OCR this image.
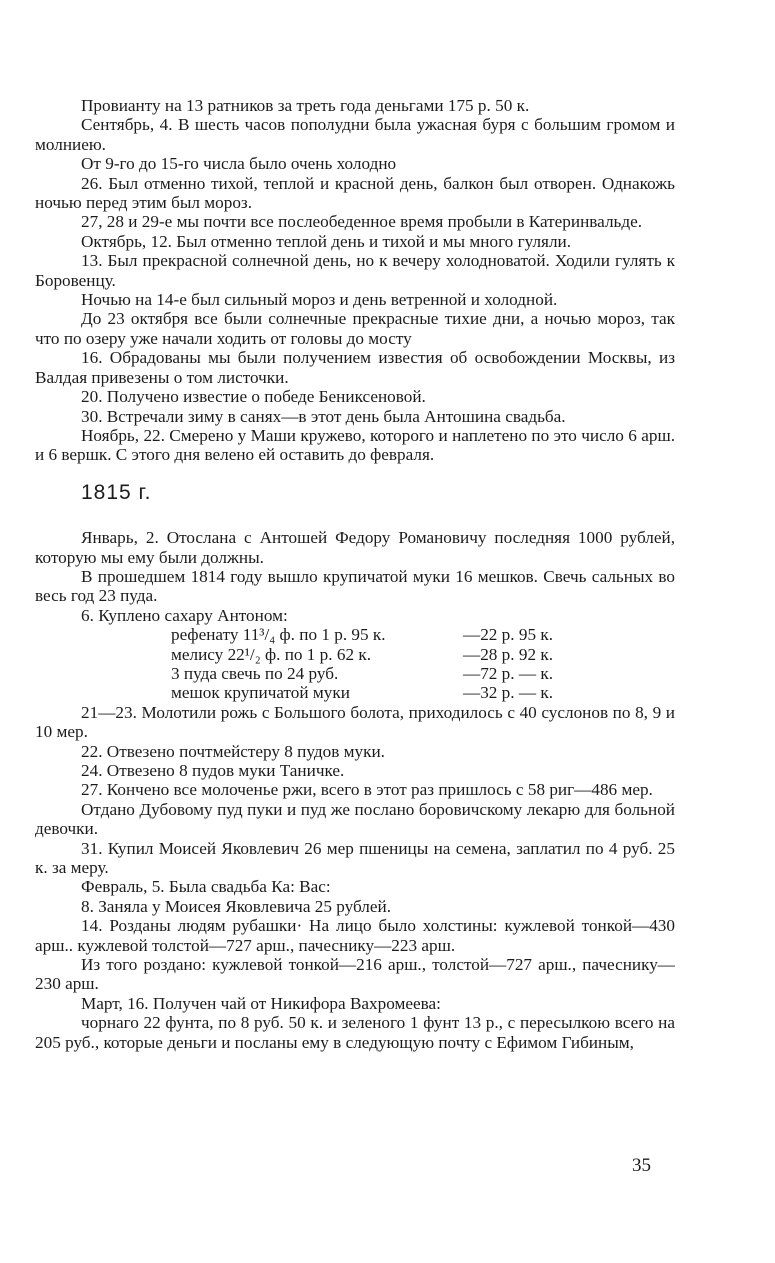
Провианту на 13 ратников за треть года деньгами 175 р. 50 к.

Сентябрь, 4. В шесть часов пополудни была ужасная буря с большим громом и молниею.

От 9-го до 15-го числа было очень холодно

26. Был отменно тихой, теплой и красной день, балкон был отворен. Однакожь ночью перед этим был мороз.

27, 28 и 29-е мы почти все послеобеденное время пробыли в Катеринвальде.

Октябрь, 12. Был отменно теплой день и тихой и мы много гуляли.

13. Был прекрасной солнечной день, но к вечеру холодноватой. Ходили гулять к Боровенцу.

Ночью на 14-е был сильный мороз и день ветренной и холодной.

До 23 октября все были солнечные прекрасные тихие дни, а ночью мороз, так что по озеру уже начали ходить от головы до мосту

16. Обрадованы мы были получением известия об освобождении Москвы, из Валдая привезены о том листочки.

20. Получено известие о победе Бениксеновой.

30. Встречали зиму в санях—в этот день была Антошина свадьба.

Ноябрь, 22. Смерено у Маши кружево, которого и наплетено по это число 6 арш. и 6 вершк. С этого дня велено ей оставить до февраля.

1815 г.

Январь, 2. Отослана с Антошей Федору Романовичу последняя 1000 рублей, которую мы ему были должны.

В прошедшем 1814 году вышло крупичатой муки 16 мешков. Свечь сальных во весь год 23 пуда.

6. Куплено сахару Антоном:

рефенату 11³/₄ ф. по 1 р. 95 к.	—22 р. 95 к.
мелису 22¹/₂ ф. по 1 р. 62 к.	—28 р. 92 к.
3 пуда свечь по 24 руб.	—72 р. — к.
мешок крупичатой муки	—32 р. — к.

21—23. Молотили рожь с Большого болота, приходилось с 40 суслонов по 8, 9 и 10 мер.

22. Отвезено почтмейстеру 8 пудов муки.

24. Отвезено 8 пудов муки Таничке.

27. Кончено все молоченье ржи, всего в этот раз пришлось с 58 риг—486 мер.

Отдано Дубовому пуд пуки и пуд же послано боровичскому лекарю для больной девочки.

31. Купил Моисей Яковлевич 26 мер пшеницы на семена, заплатил по 4 руб. 25 к. за меру.

Февраль, 5. Была свадьба Ка: Вас:

8. Заняла у Моисея Яковлевича 25 рублей.

14. Розданы людям рубашки· На лицо было холстины: кужлевой тонкой—430 арш.. кужлевой толстой—727 арш., пачеснику—223 арш.

Из того роздано: кужлевой тонкой—216 арш., толстой—727 арш., пачеснику—230 арш.

Март, 16. Получен чай от Никифора Вахромеева:

чорнаго 22 фунта, по 8 руб. 50 к. и зеленого 1 фунт 13 р., с пересылкою всего на 205 руб., которые деньги и посланы ему в следующую почту с Ефимом Гибиным,

35
